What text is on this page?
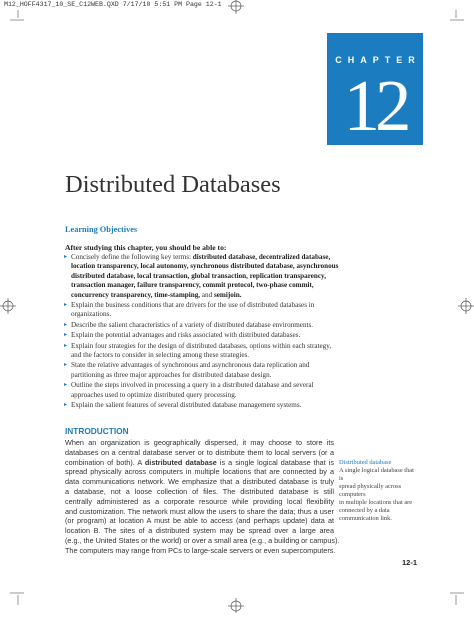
M12_HOFF4317_10_SE_C12WEB.QXD 7/17/10 5:51 PM Page 12-1
CHAPTER
12
Distributed Databases
Learning Objectives

After studying this chapter, you should be able to:

▸ Concisely define the following key terms: distributed database, decentralized database, location transparency, local autonomy, synchronous distributed database, asynchronous distributed database, local transaction, global transaction, replication transparency, transaction manager, failure transparency, commit protocol, two-phase commit, concurrency transparency, time-stamping, and semijoin.
▸ Explain the business conditions that are drivers for the use of distributed databases in organizations.
▸ Describe the salient characteristics of a variety of distributed database environments.
▸ Explain the potential advantages and risks associated with distributed databases.
▸ Explain four strategies for the design of distributed databases, options within each strategy, and the factors to consider in selecting among these strategies.
▸ State the relative advantages of synchronous and asynchronous data replication and partitioning as three major approaches for distributed database design.
▸ Outline the steps involved in processing a query in a distributed database and several approaches used to optimize distributed query processing.
▸ Explain the salient features of several distributed database management systems.
INTRODUCTION
When an organization is geographically dispersed, it may choose to store its
databases on a central database server or to distribute them to local servers (or a
combination of both). A distributed database is a single logical database that is
spread physically across computers in multiple locations that are connected by a
data communications network. We emphasize that a distributed database is truly
a database, not a loose collection of files. The distributed database is still
centrally administered as a corporate resource while providing local flexibility
and customization. The network must allow the users to share the data; thus a user
(or program) at location A must be able to access (and perhaps update) data at
location B. The sites of a distributed system may be spread over a large area
(e.g., the United States or the world) or over a small area (e.g., a building or campus).
The computers may range from PCs to large-scale servers or even supercomputers.
Distributed database
A single logical database that is
spread physically across computers
in multiple locations that are
connected by a data
communication link.
12-1
